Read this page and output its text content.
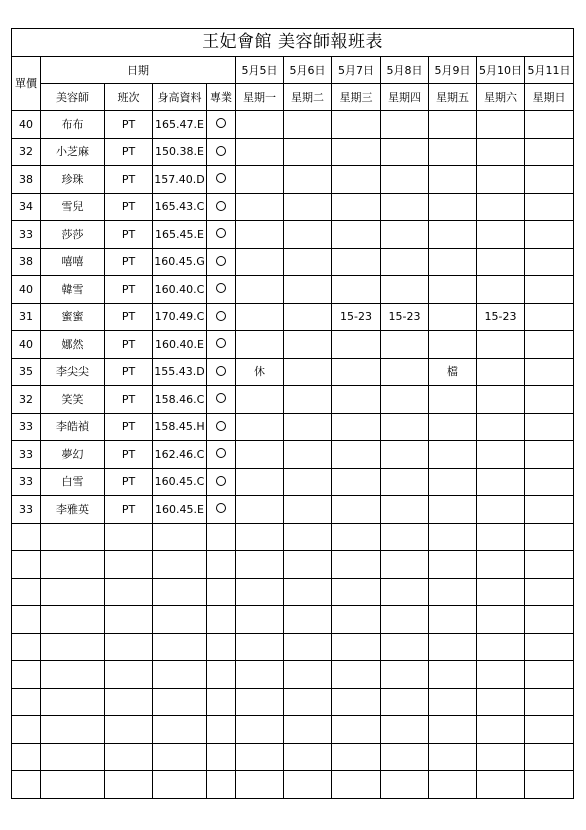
王妃會館 美容師報班表											
單價	日期				5月5日	5月6日	5月7日	5月8日	5月9日	5月10日	5月11日
	美容師	班次	身高資料	專業	星期一	星期二	星期三	星期四	星期五	星期六	星期日
40	布布	PT	165.47.E								
32	小芝麻	PT	150.38.E								
38	珍珠	PT	157.40.D								
34	雪兒	PT	165.43.C								
33	莎莎	PT	165.45.E								
38	嘻嘻	PT	160.45.G								
40	韓雪	PT	160.40.C								
31	蜜蜜	PT	170.49.C				15-23	15-23		15-23	
40	娜然	PT	160.40.E								
35	李尖尖	PT	155.43.D		休				檔		
32	笑笑	PT	158.46.C								
33	李皓禎	PT	158.45.H								
33	夢幻	PT	162.46.C								
33	白雪	PT	160.45.C								
33	李雅英	PT	160.45.E								
